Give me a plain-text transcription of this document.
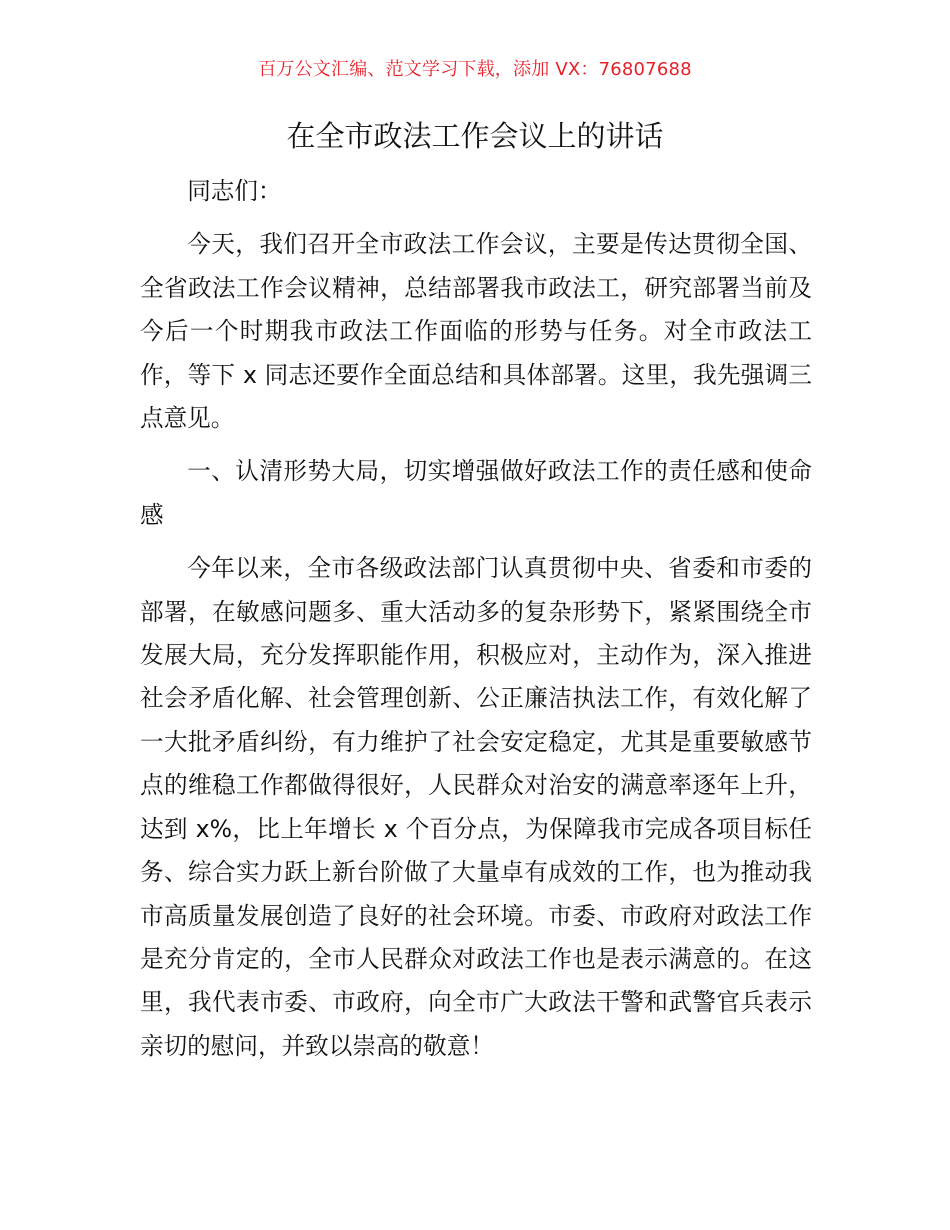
百万公文汇编、范文学习下载，添加 VX：76807688
在全市政法工作会议上的讲话

同志们：

今天，我们召开全市政法工作会议，主要是传达贯彻全国、全省政法工作会议精神，总结部署我市政法工，研究部署当前及今后一个时期我市政法工作面临的形势与任务。对全市政法工作，等下 x 同志还要作全面总结和具体部署。这里，我先强调三点意见。

一、认清形势大局，切实增强做好政法工作的责任感和使命感

今年以来，全市各级政法部门认真贯彻中央、省委和市委的部署，在敏感问题多、重大活动多的复杂形势下，紧紧围绕全市发展大局，充分发挥职能作用，积极应对，主动作为，深入推进社会矛盾化解、社会管理创新、公正廉洁执法工作，有效化解了一大批矛盾纠纷，有力维护了社会安定稳定，尤其是重要敏感节点的维稳工作都做得很好，人民群众对治安的满意率逐年上升，达到 x%，比上年增长 x 个百分点，为保障我市完成各项目标任务、综合实力跃上新台阶做了大量卓有成效的工作，也为推动我市高质量发展创造了良好的社会环境。市委、市政府对政法工作是充分肯定的，全市人民群众对政法工作也是表示满意的。在这里，我代表市委、市政府，向全市广大政法干警和武警官兵表示亲切的慰问，并致以崇高的敬意！
